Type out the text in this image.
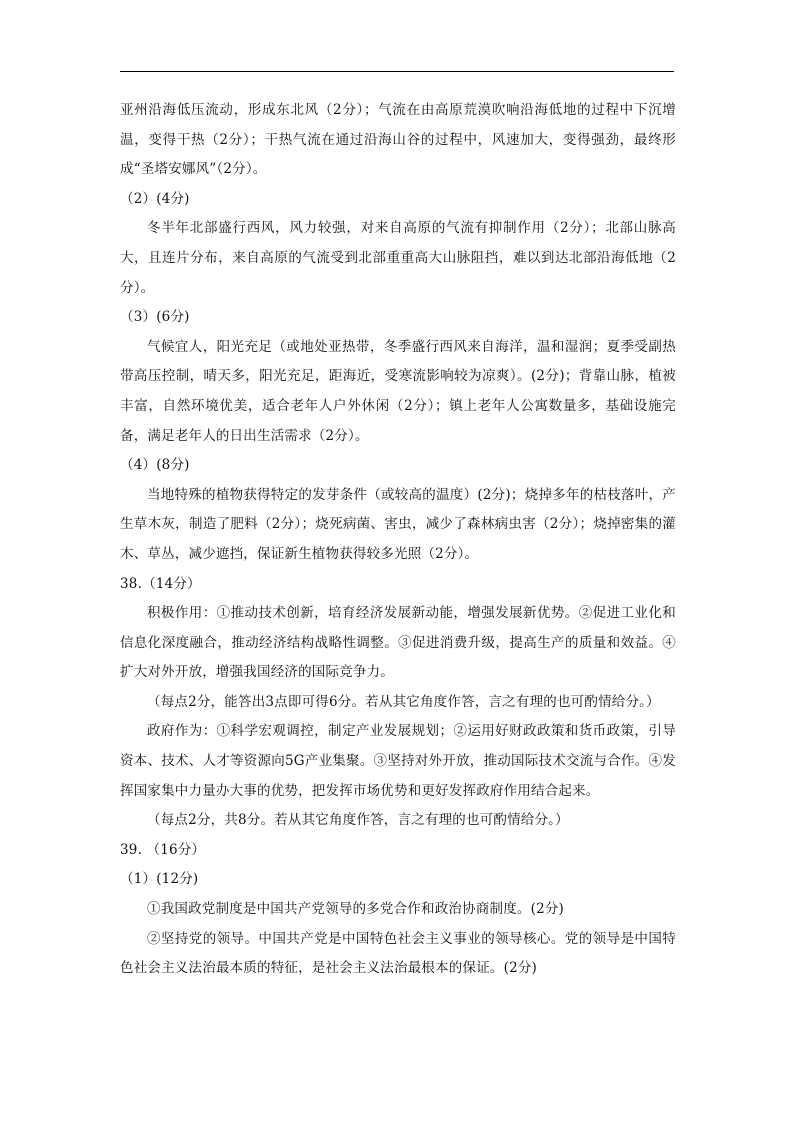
亚州沿海低压流动，形成东北风（2分）；气流在由高原荒漠吹响沿海低地的过程中下沉增温，变得干热（2分）；干热气流在通过沿海山谷的过程中，风速加大，变得强劲，最终形成“圣塔安娜风”（2分）。

（2）(4分)

冬半年北部盛行西风，风力较强，对来自高原的气流有抑制作用（2分）；北部山脉高大，且连片分布，来自高原的气流受到北部重重高大山脉阻挡，难以到达北部沿海低地（2分）。

（3）(6分)

气候宜人，阳光充足（或地处亚热带，冬季盛行西风来自海洋，温和湿润；夏季受副热带高压控制，晴天多，阳光充足，距海近，受寒流影响较为凉爽）。(2分)；背靠山脉，植被丰富，自然环境优美，适合老年人户外休闲（2分）；镇上老年人公寓数量多，基础设施完备，满足老年人的日出生活需求（2分）。

（4）(8分)

当地特殊的植物获得特定的发芽条件（或较高的温度）(2分)；烧掉多年的枯枝落叶，产生草木灰，制造了肥料（2分）；烧死病菌、害虫，减少了森林病虫害（2分）；烧掉密集的灌木、草丛，减少遮挡，保证新生植物获得较多光照（2分）。

38.（14分）

积极作用：①推动技术创新，培育经济发展新动能，增强发展新优势。②促进工业化和信息化深度融合，推动经济结构战略性调整。③促进消费升级，提高生产的质量和效益。④扩大对外开放，增强我国经济的国际竞争力。

（每点2分，能答出3点即可得6分。若从其它角度作答，言之有理的也可酌情给分。）

政府作为：①科学宏观调控，制定产业发展规划；②运用好财政政策和货币政策，引导资本、技术、人才等资源向5G产业集聚。③坚持对外开放，推动国际技术交流与合作。④发挥国家集中力量办大事的优势，把发挥市场优势和更好发挥政府作用结合起来。

（每点2分，共8分。若从其它角度作答，言之有理的也可酌情给分。）

39. （16分）

（1）(12分)

①我国政党制度是中国共产党领导的多党合作和政治协商制度。(2分)

②坚持党的领导。中国共产党是中国特色社会主义事业的领导核心。党的领导是中国特色社会主义法治最本质的特征，是社会主义法治最根本的保证。(2分)
